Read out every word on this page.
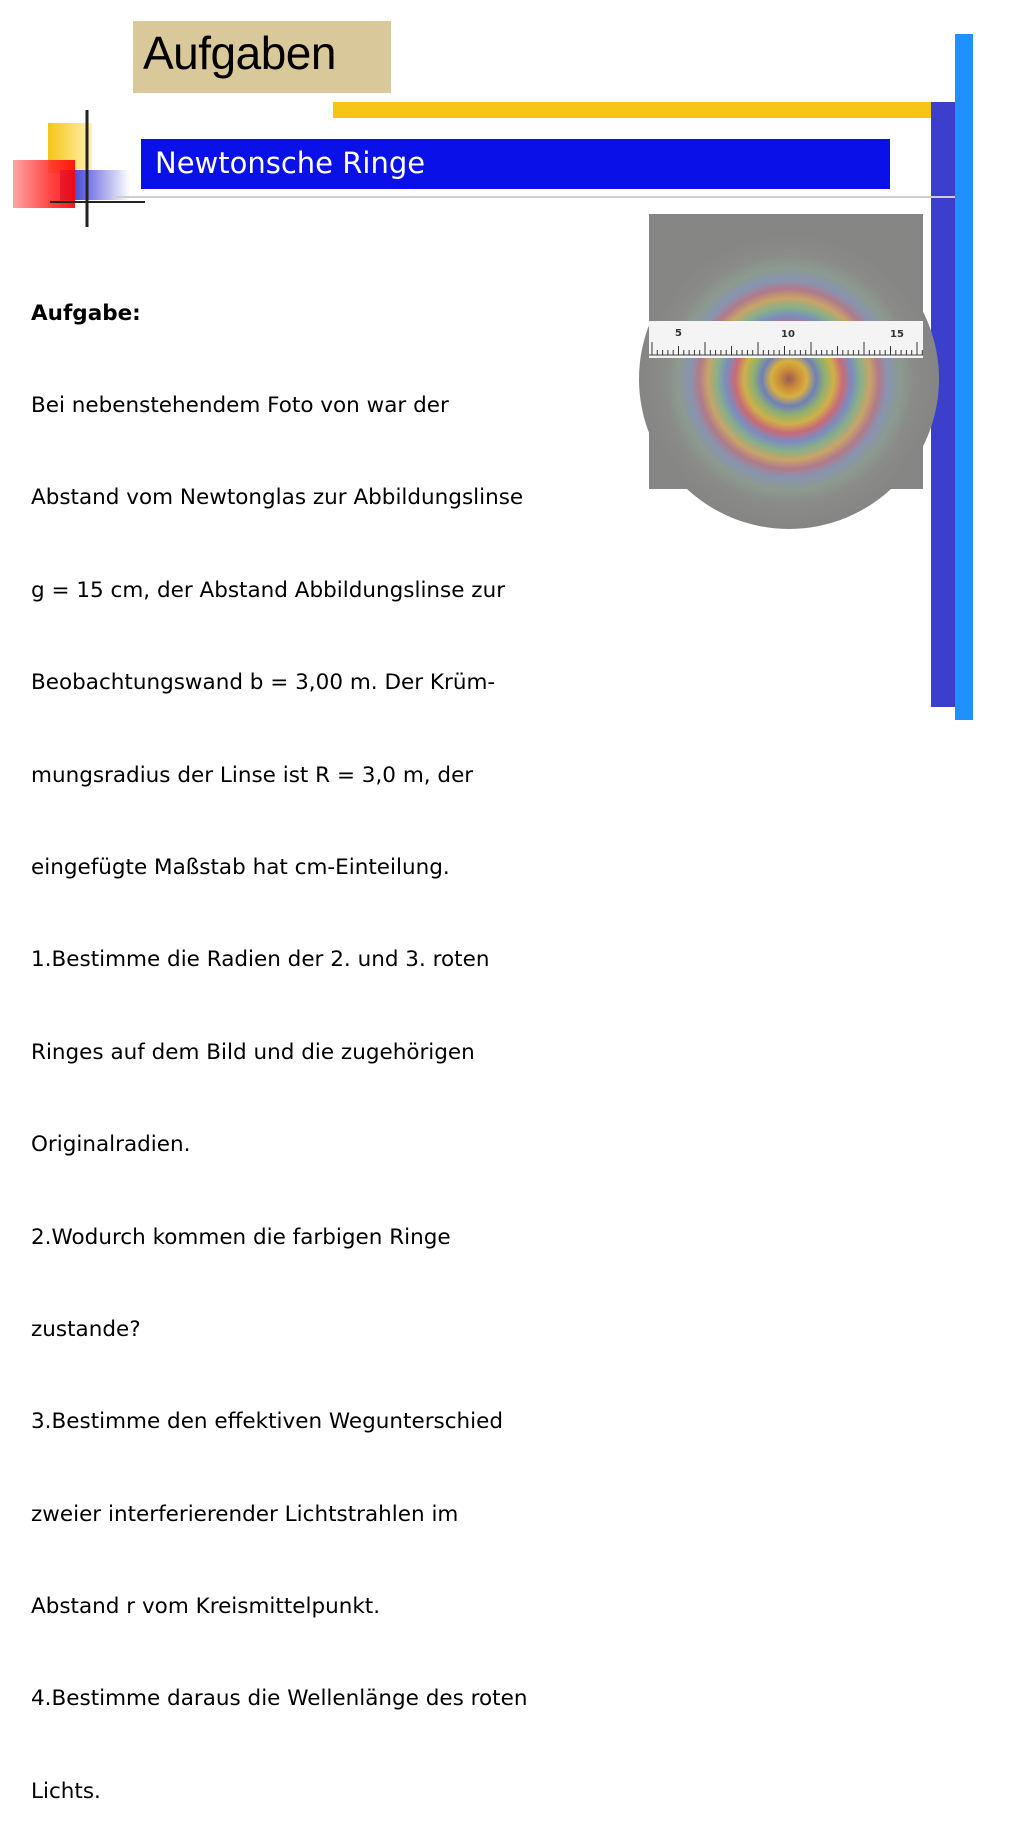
Aufgaben
Newtonsche Ringe

Aufgabe:

Bei nebenstehendem Foto von war der

Abstand vom Newtonglas zur Abbildungslinse

g = 15 cm, der Abstand Abbildungslinse zur

Beobachtungswand b = 3,00 m. Der Krüm-

mungsradius der Linse ist R = 3,0 m, der

eingefügte Maßstab hat cm-Einteilung.

1.Bestimme die Radien der 2. und 3. roten

Ringes auf dem Bild und die zugehörigen

Originalradien.

2.Wodurch kommen die farbigen Ringe

zustande?

3.Bestimme den effektiven Wegunterschied

zweier interferierender Lichtstrahlen im

Abstand r vom Kreismittelpunkt.

4.Bestimme daraus die Wellenlänge des roten

Lichts.

5	10	15
